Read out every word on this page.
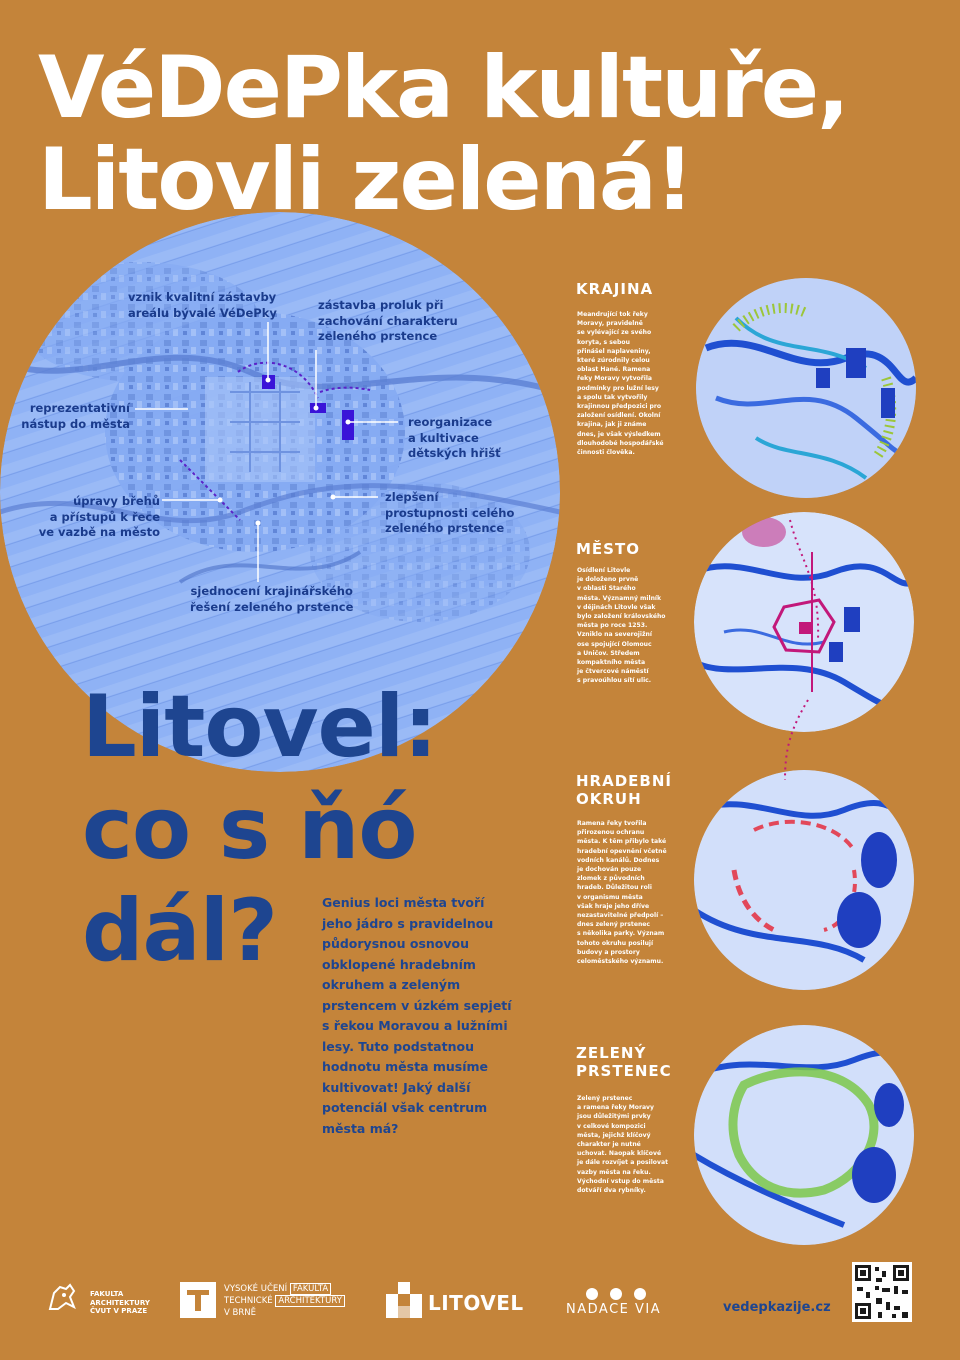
VéDePka kultuře,
Litovli zelená!
vznik kvalitní zástavby
areálu bývalé VéDePky
zástavba proluk při
zachování charakteru
zeleného prstence
reprezentativní
nástup do města	reorganizace
a kultivace
dětských hřišť
úpravy břehů
a přístupů k řece
ve vazbě na město
zlepšení
prostupnosti celého
zeleného prstence
sjednocení krajinářského
řešení zeleného prstence
Litovel:
co s ňó
dál?	Genius loci města tvoří
jeho jádro s pravidelnou
půdorysnou osnovou
obklopené hradebním
okruhem a zeleným
prstencem v úzkém sepjetí
s řekou Moravou a lužními
lesy. Tuto podstatnou
hodnotu města musíme
kultivovat! Jaký další
potenciál však centrum
města má?
KRAJINA
Meandrující tok řeky
Moravy, pravidelně
se vylévající ze svého
koryta, s sebou
přinášel naplaveniny,
které zúrodnily celou
oblast Hané. Ramena
řeky Moravy vytvořila
podmínky pro lužní lesy
a spolu tak vytvořily
krajinnou předpozici pro
založení osídlení. Okolní
krajina, jak ji známe
dnes, je však výsledkem
dlouhodobé hospodářské
činnosti člověka.
MĚSTO
Osídlení Litovle
je doloženo prvně
v oblasti Starého
města. Významný milník
v dějinách Litovle však
bylo založení královského
města po roce 1253.
Vzniklo na severojižní
ose spojující Olomouc
a Uničov. Středem
kompaktního města
je čtvercové náměstí
s pravoúhlou sítí ulic.
HRADEBNÍ
OKRUH
Ramena řeky tvořila
přirozenou ochranu
města. K těm přibylo také
hradební opevnění včetně
vodních kanálů. Dodnes
je dochován pouze
zlomek z původních
hradeb. Důležitou roli
v organismu města
však hraje jeho dříve
nezastavitelné předpolí –
dnes zelený prstenec
s několika parky. Význam
tohoto okruhu posilují
budovy a prostory
celoměstského významu.
ZELENÝ
PRSTENEC
Zelený prstenec
a ramena řeky Moravy
jsou důležitými prvky
v celkové kompozici
města, jejichž klíčový
charakter je nutné
uchovat. Naopak klíčové
je dále rozvíjet a posilovat
vazby města na řeku.
Východní vstup do města
dotváří dva rybníky.
FAKULTA
ARCHITEKTURY
ČVUT V PRAZE
VYSOKÉ UČENÍ FAKULTA
TECHNICKÉ ARCHITEKTURY
V BRNĚ	LITOVEL	NADACE VIA	vedepkazije.cz
